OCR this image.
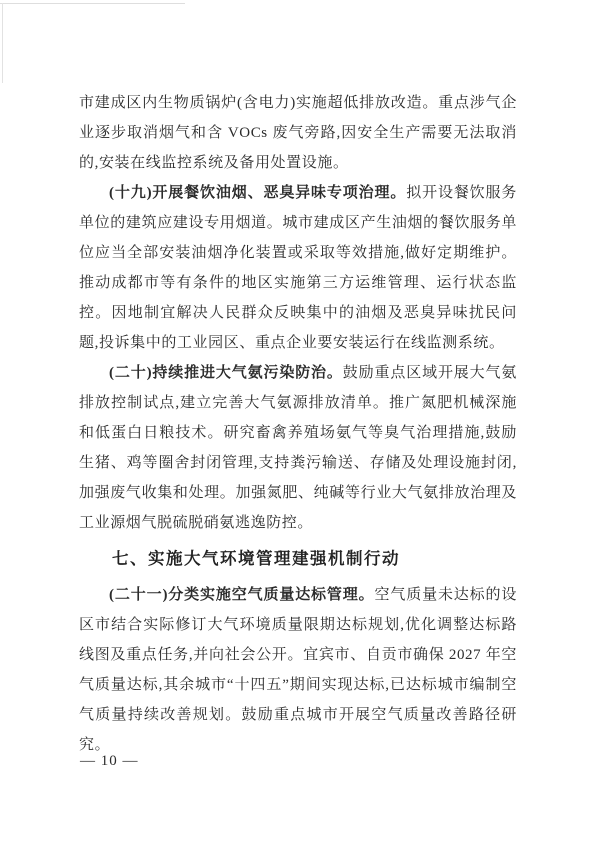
市建成区内生物质锅炉(含电力)实施超低排放改造。重点涉气企业逐步取消烟气和含 VOCs 废气旁路,因安全生产需要无法取消的,安装在线监控系统及备用处置设施。

(十九)开展餐饮油烟、恶臭异味专项治理。拟开设餐饮服务单位的建筑应建设专用烟道。城市建成区产生油烟的餐饮服务单位应当全部安装油烟净化装置或采取等效措施,做好定期维护。推动成都市等有条件的地区实施第三方运维管理、运行状态监控。因地制宜解决人民群众反映集中的油烟及恶臭异味扰民问题,投诉集中的工业园区、重点企业要安装运行在线监测系统。

(二十)持续推进大气氨污染防治。鼓励重点区域开展大气氨排放控制试点,建立完善大气氨源排放清单。推广氮肥机械深施和低蛋白日粮技术。研究畜禽养殖场氨气等臭气治理措施,鼓励生猪、鸡等圈舍封闭管理,支持粪污输送、存储及处理设施封闭,加强废气收集和处理。加强氮肥、纯碱等行业大气氨排放治理及工业源烟气脱硫脱硝氨逃逸防控。

七、实施大气环境管理建强机制行动

(二十一)分类实施空气质量达标管理。空气质量未达标的设区市结合实际修订大气环境质量限期达标规划,优化调整达标路线图及重点任务,并向社会公开。宜宾市、自贡市确保 2027 年空气质量达标,其余城市“十四五”期间实现达标,已达标城市编制空气质量持续改善规划。鼓励重点城市开展空气质量改善路径研究。

— 10 —
